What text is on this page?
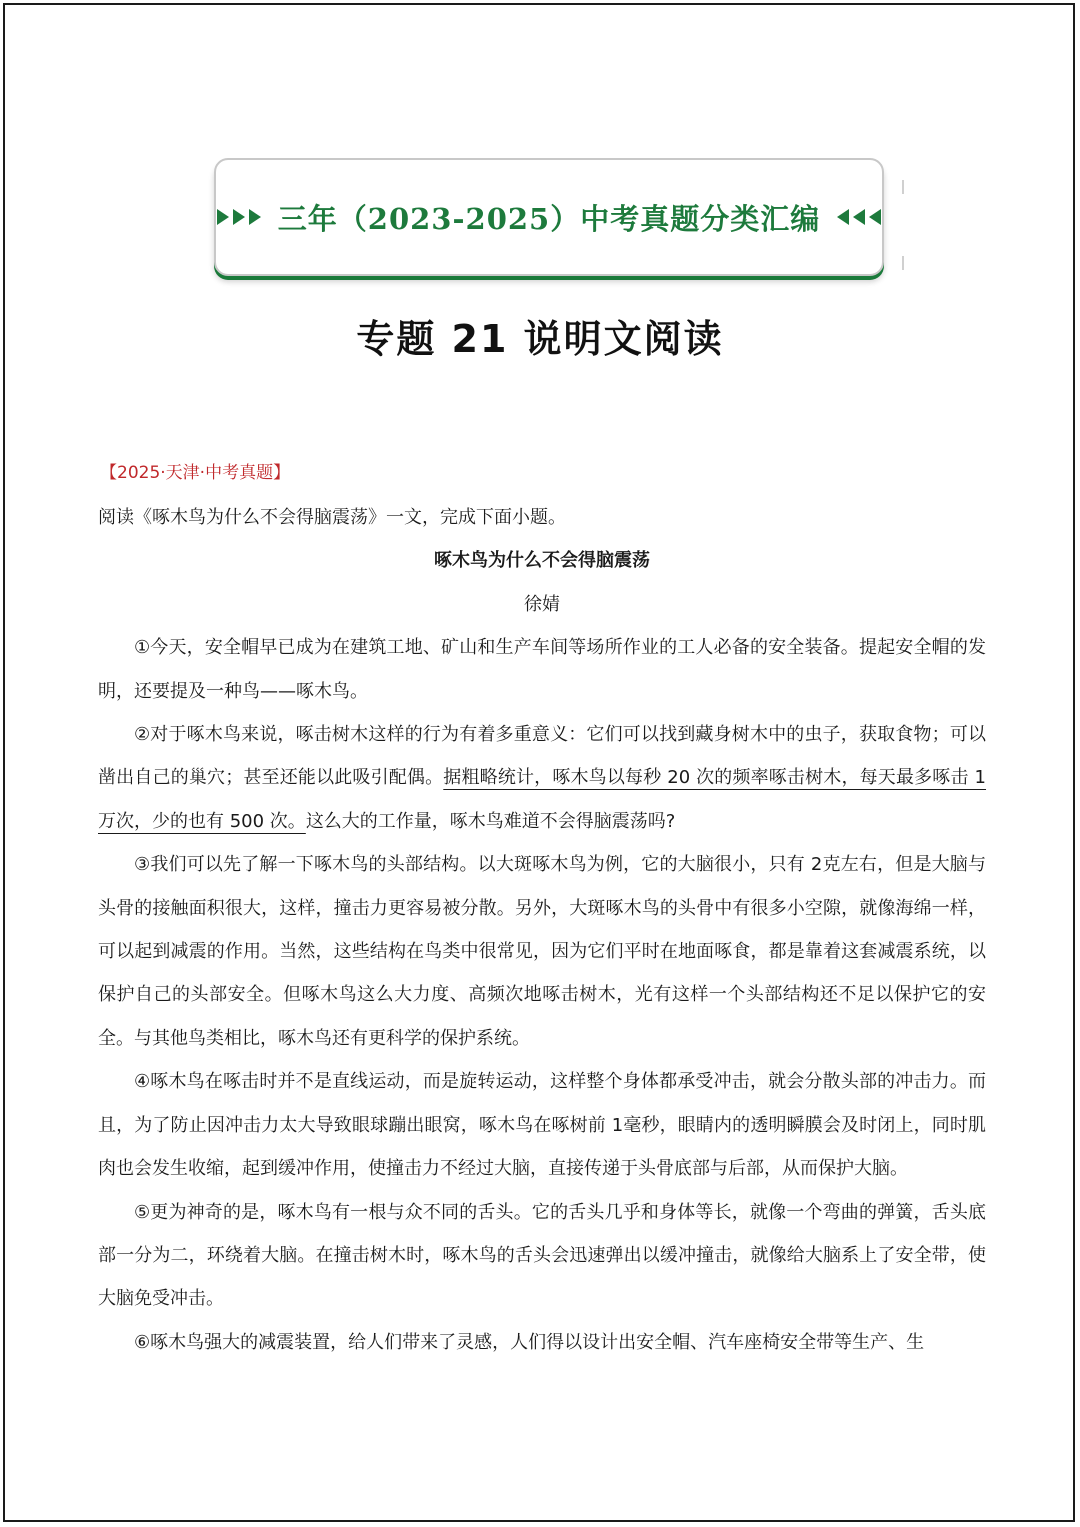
三年（2023-2025）中考真题分类汇编
专题 21 说明文阅读
【2025·天津·中考真题】

阅读《啄木鸟为什么不会得脑震荡》一文，完成下面小题。

啄木鸟为什么不会得脑震荡

徐婧

①今天，安全帽早已成为在建筑工地、矿山和生产车间等场所作业的工人必备的安全装备。提起安全帽的发明，还要提及一种鸟——啄木鸟。

②对于啄木鸟来说，啄击树木这样的行为有着多重意义：它们可以找到藏身树木中的虫子，获取食物；可以凿出自己的巢穴；甚至还能以此吸引配偶。据粗略统计，啄木鸟以每秒 20 次的频率啄击树木，每天最多啄击 1万次，少的也有 500 次。这么大的工作量，啄木鸟难道不会得脑震荡吗?

③我们可以先了解一下啄木鸟的头部结构。以大斑啄木鸟为例，它的大脑很小，只有 2克左右，但是大脑与头骨的接触面积很大，这样，撞击力更容易被分散。另外，大斑啄木鸟的头骨中有很多小空隙，就像海绵一样，可以起到减震的作用。当然，这些结构在鸟类中很常见，因为它们平时在地面啄食，都是靠着这套减震系统，以保护自己的头部安全。但啄木鸟这么大力度、高频次地啄击树木，光有这样一个头部结构还不足以保护它的安全。与其他鸟类相比，啄木鸟还有更科学的保护系统。

④啄木鸟在啄击时并不是直线运动，而是旋转运动，这样整个身体都承受冲击，就会分散头部的冲击力。而且，为了防止因冲击力太大导致眼球蹦出眼窝，啄木鸟在啄树前 1毫秒，眼睛内的透明瞬膜会及时闭上，同时肌肉也会发生收缩，起到缓冲作用，使撞击力不经过大脑，直接传递于头骨底部与后部，从而保护大脑。

⑤更为神奇的是，啄木鸟有一根与众不同的舌头。它的舌头几乎和身体等长，就像一个弯曲的弹簧，舌头底部一分为二，环绕着大脑。在撞击树木时，啄木鸟的舌头会迅速弹出以缓冲撞击，就像给大脑系上了安全带，使大脑免受冲击。

⑥啄木鸟强大的减震装置，给人们带来了灵感，人们得以设计出安全帽、汽车座椅安全带等生产、生
